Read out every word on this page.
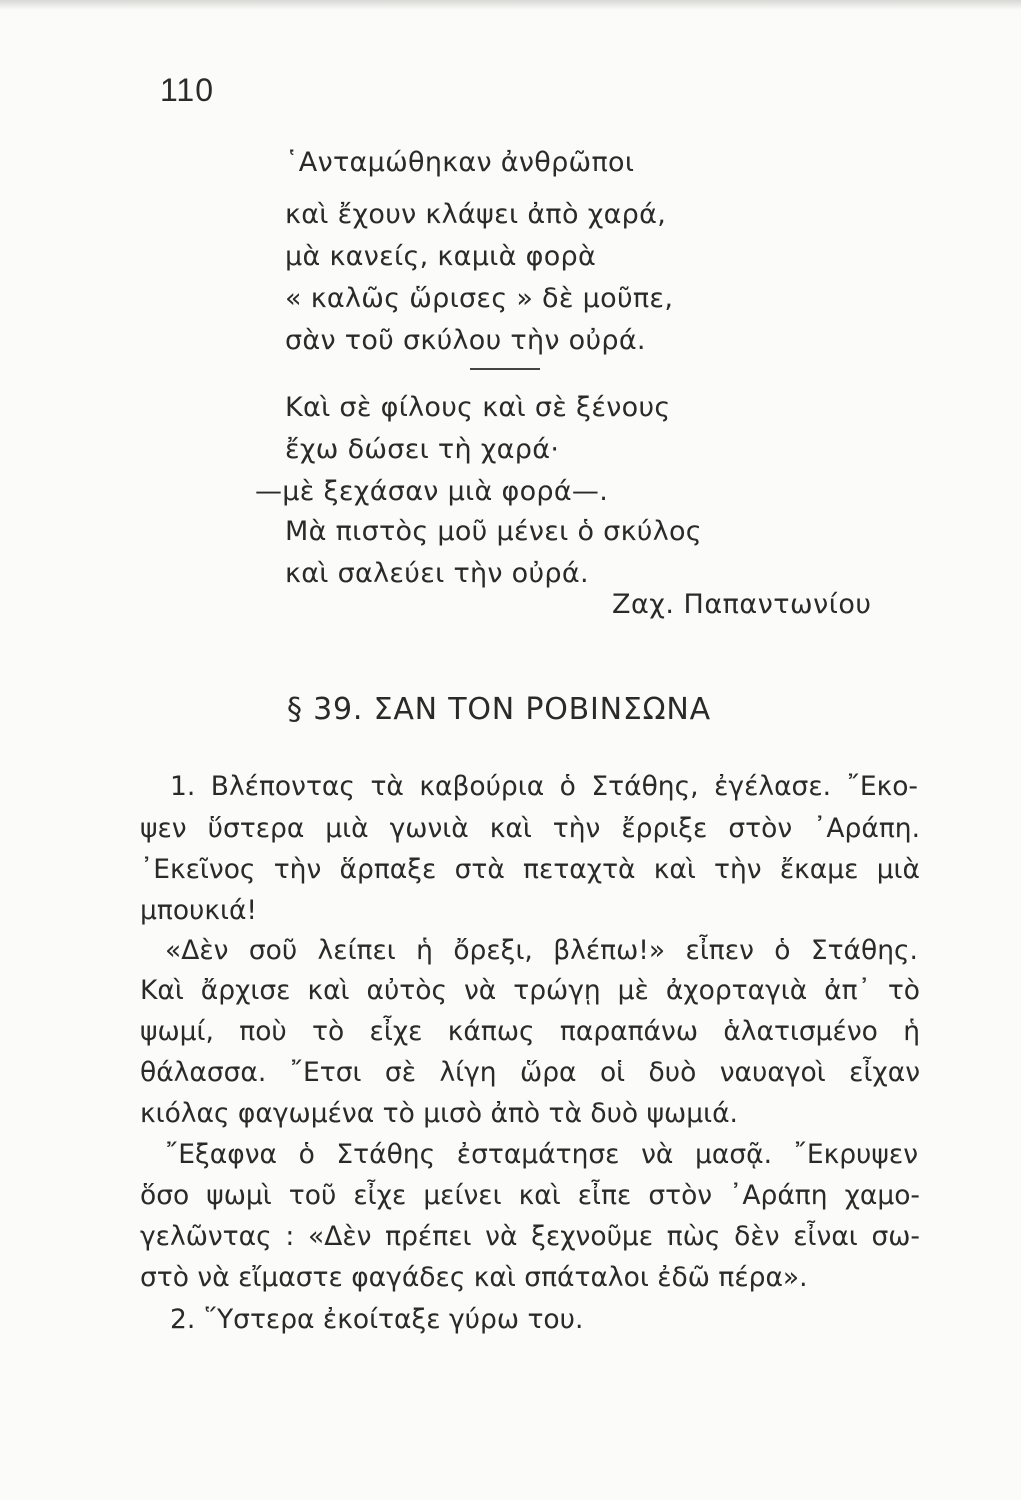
110
῾Ανταμώθηκαν ἀνθρῶποι
καὶ ἔχουν κλάψει ἀπὸ χαρά,
μὰ κανείς, καμιὰ φορὰ
« καλῶς ὥρισες » δὲ μοῦπε,
σὰν τοῦ σκύλου τὴν οὐρά.
Καὶ σὲ φίλους καὶ σὲ ξένους
ἔχω δώσει τὴ χαρά·
—μὲ ξεχάσαν μιὰ φορά—.
Μὰ πιστὸς μοῦ μένει ὁ σκύλος
καὶ σαλεύει τὴν οὐρά.
Ζαχ. Παπαντωνίου
§ 39. ΣΑΝ ΤΟΝ ΡΟΒΙΝΣΩΝΑ
1. Βλέποντας τὰ καβούρια ὁ Στάθης, ἐγέλασε. ῎Εκο-
ψεν ὕστερα μιὰ γωνιὰ καὶ τὴν ἔρριξε στὸν ᾿Αράπη.
᾿Εκεῖνος τὴν ἅρπαξε στὰ πεταχτὰ καὶ τὴν ἔκαμε μιὰ
μπουκιά!
«Δὲν σοῦ λείπει ἡ ὄρεξι, βλέπω!» εἶπεν ὁ Στάθης.
Καὶ ἄρχισε καὶ αὐτὸς νὰ τρώγῃ μὲ ἀχορταγιὰ ἀπ᾿ τὸ
ψωμί, ποὺ τὸ εἶχε κάπως παραπάνω ἁλατισμένο ἡ
θάλασσα. ῎Ετσι σὲ λίγη ὥρα οἱ δυὸ ναυαγοὶ εἶχαν
κιόλας φαγωμένα τὸ μισὸ ἀπὸ τὰ δυὸ ψωμιά.
῎Εξαφνα ὁ Στάθης ἐσταμάτησε νὰ μασᾷ. ῎Εκρυψεν
ὅσο ψωμὶ τοῦ εἶχε μείνει καὶ εἶπε στὸν ᾿Αράπη χαμο-
γελῶντας : «Δὲν πρέπει νὰ ξεχνοῦμε πὼς δὲν εἶναι σω-
στὸ νὰ εἴμαστε φαγάδες καὶ σπάταλοι ἐδῶ πέρα».
2. ῞Υστερα ἐκοίταξε γύρω του.
